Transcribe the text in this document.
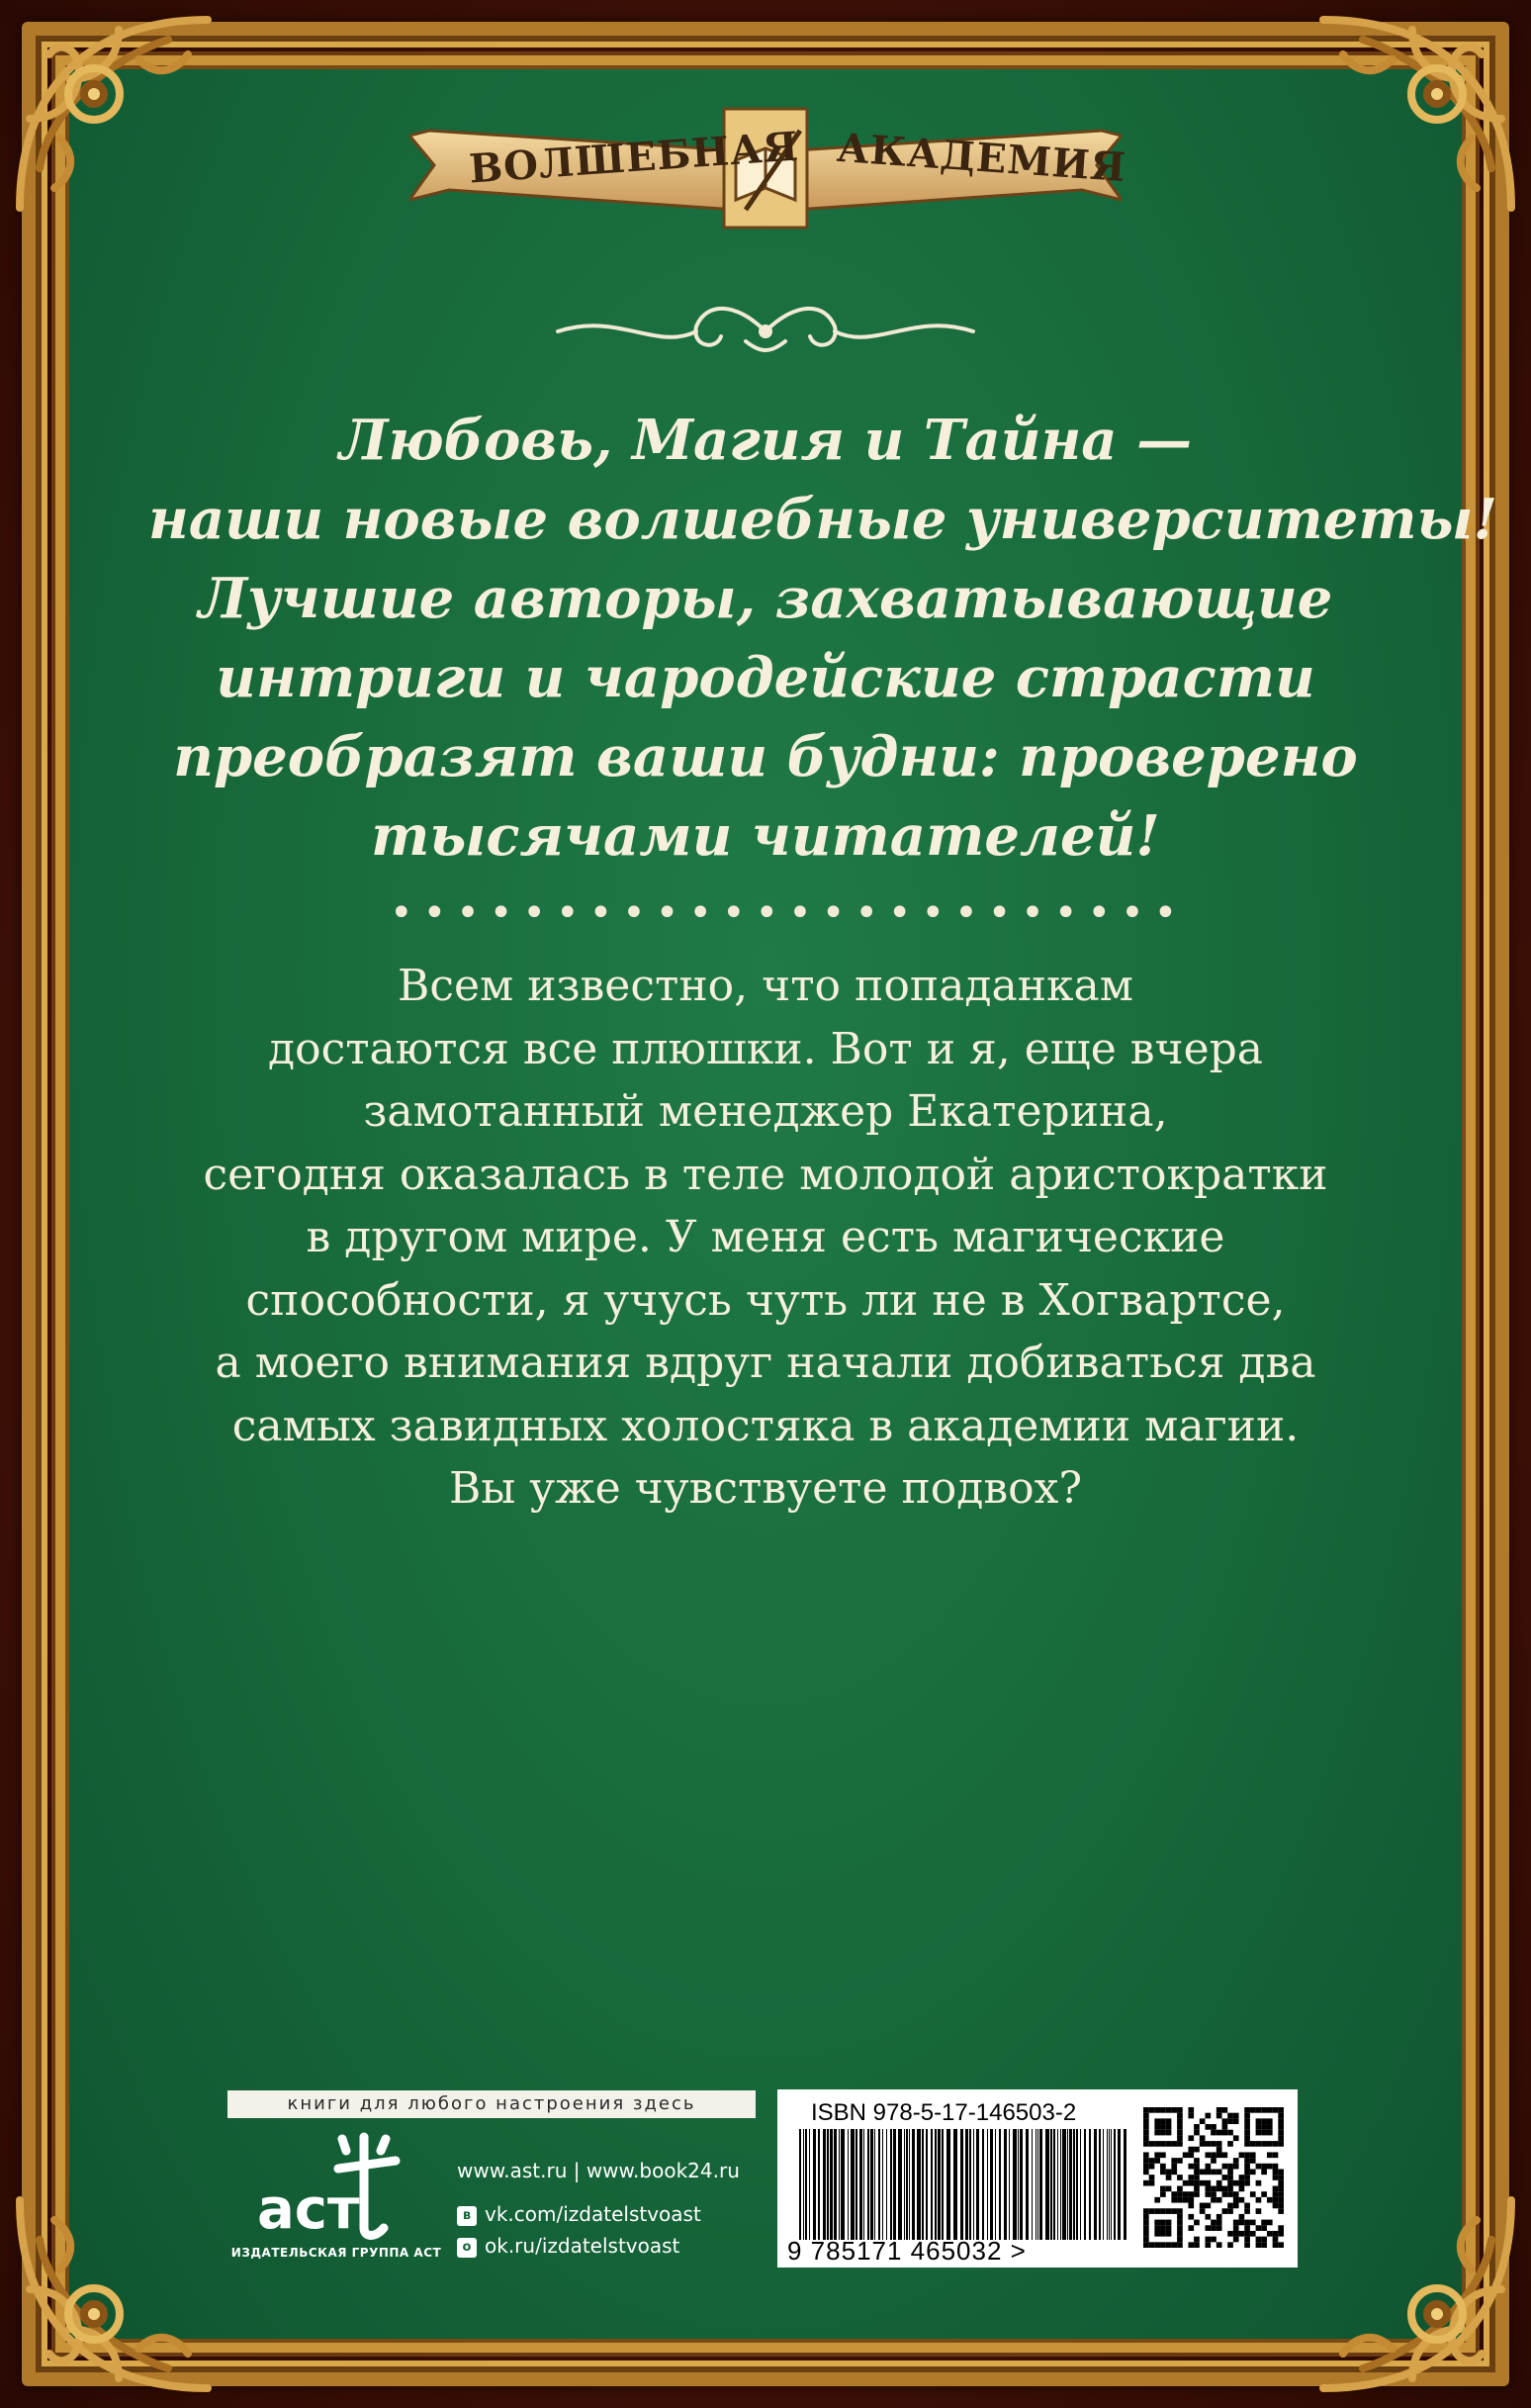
ВОЛШЕБНАЯ АКАДЕМИЯ
Любовь, Магия и Тайна —
наши новые волшебные университеты!
Лучшие авторы, захватывающие
интриги и чародейские страсти
преобразят ваши будни: проверено
тысячами читателей!
••••••••••••••••••••••••
Всем известно, что попаданкам
достаются все плюшки. Вот и я, еще вчера
замотанный менеджер Екатерина,
сегодня оказалась в теле молодой аристократки
в другом мире. У меня есть магические
способности, я учусь чуть ли не в Хогвартсе,
а моего внимания вдруг начали добиваться два
самых завидных холостяка в академии магии.
Вы уже чувствуете подвох?
книги для любого настроения здесь
аст
ИЗДАТЕЛЬСКАЯ ГРУППА АСТ
www.ast.ru | www.book24.ru
в vk.com/izdatelstvoast
о ok.ru/izdatelstvoast
ISBN 978-5-17-146503-2
9 785171 465032 >
